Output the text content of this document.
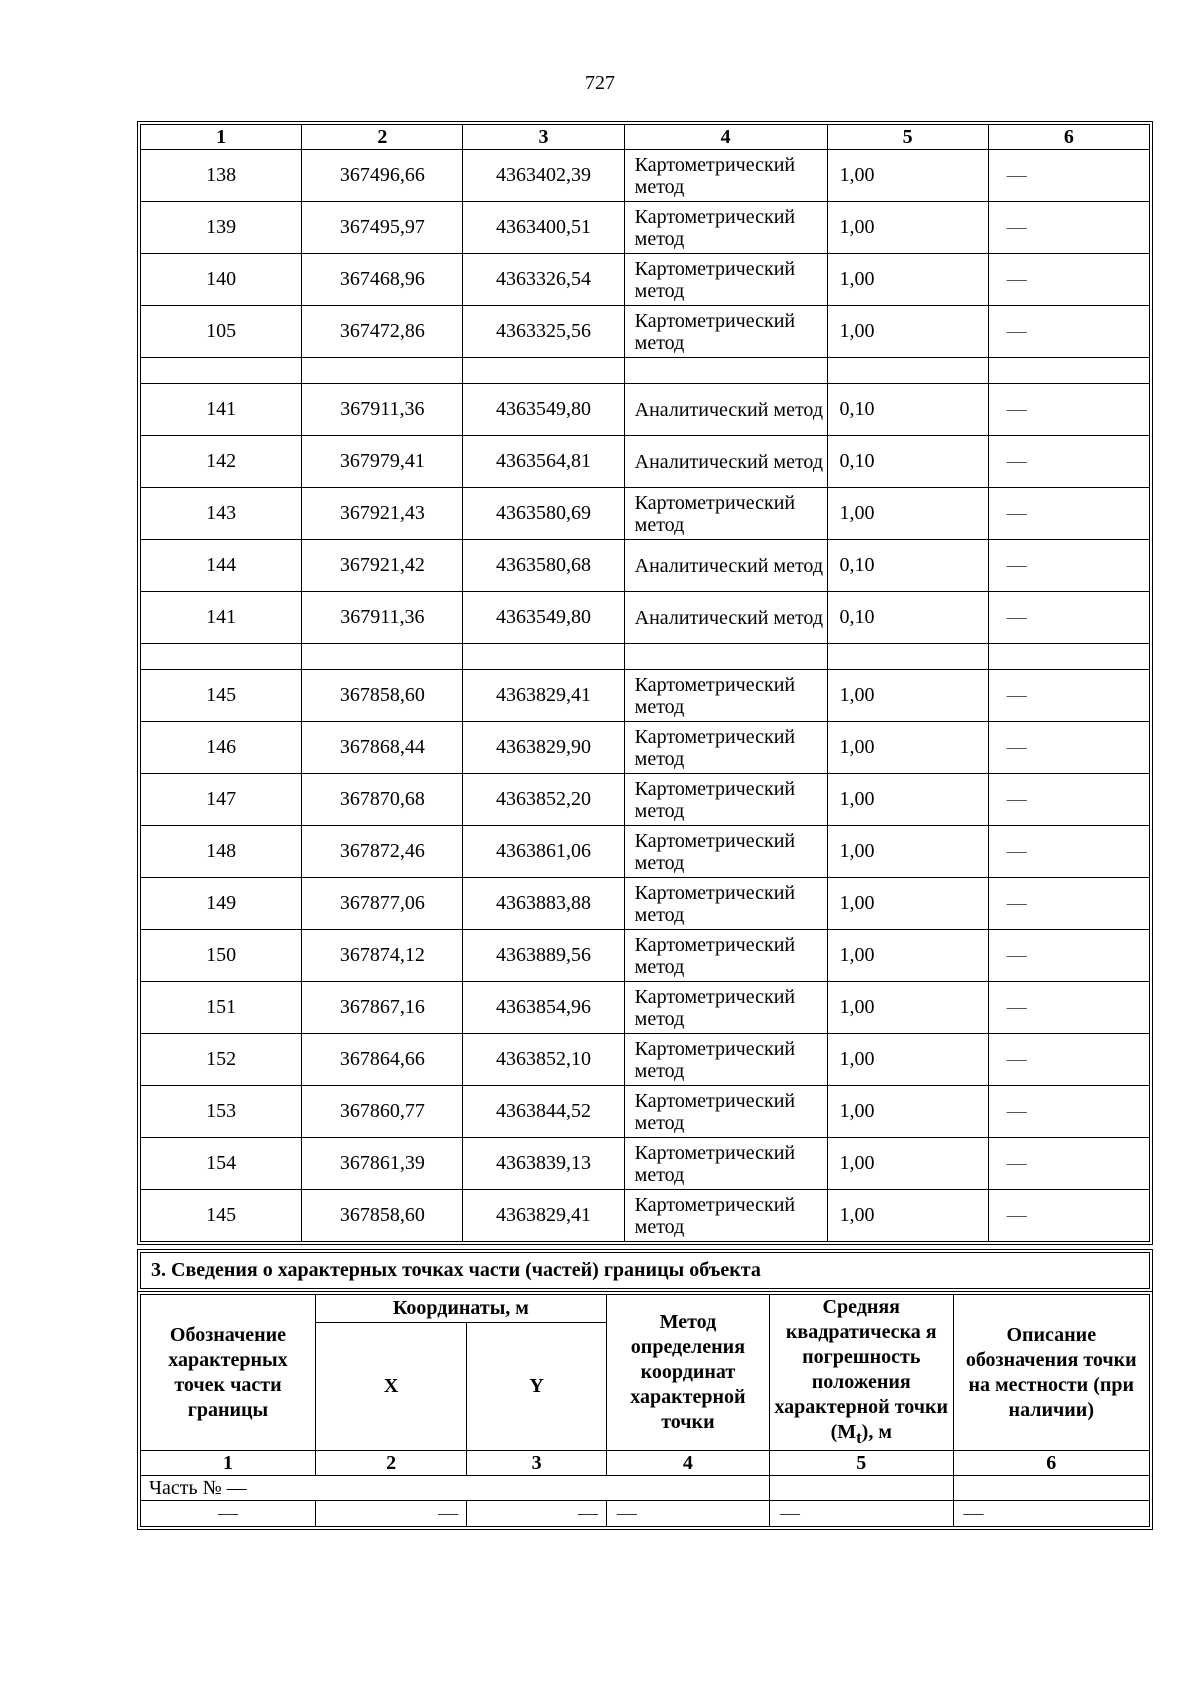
727
1	2	3	4	5	6
138	367496,66	4363402,39	Картометрический метод	1,00	—
139	367495,97	4363400,51	Картометрический метод	1,00	—
140	367468,96	4363326,54	Картометрический метод	1,00	—
105	367472,86	4363325,56	Картометрический метод	1,00	—

141	367911,36	4363549,80	Аналитический метод	0,10	—
142	367979,41	4363564,81	Аналитический метод	0,10	—
143	367921,43	4363580,69	Картометрический метод	1,00	—
144	367921,42	4363580,68	Аналитический метод	0,10	—
141	367911,36	4363549,80	Аналитический метод	0,10	—

145	367858,60	4363829,41	Картометрический метод	1,00	—
146	367868,44	4363829,90	Картометрический метод	1,00	—
147	367870,68	4363852,20	Картометрический метод	1,00	—
148	367872,46	4363861,06	Картометрический метод	1,00	—
149	367877,06	4363883,88	Картометрический метод	1,00	—
150	367874,12	4363889,56	Картометрический метод	1,00	—
151	367867,16	4363854,96	Картометрический метод	1,00	—
152	367864,66	4363852,10	Картометрический метод	1,00	—
153	367860,77	4363844,52	Картометрический метод	1,00	—
154	367861,39	4363839,13	Картометрический метод	1,00	—
145	367858,60	4363829,41	Картометрический метод	1,00	—
3. Сведения о характерных точках части (частей) границы объекта
Обозначение характерных точек части границы	Координаты, м		Метод определения координат характерной точки	Средняя квадратическа я погрешность положения характерной точки $(M_t)$, м	Описание обозначения точки на местности (при наличии)
	X	Y			
1	2	3	4	5	6
Часть № —					
—	—	—	—	—	—
